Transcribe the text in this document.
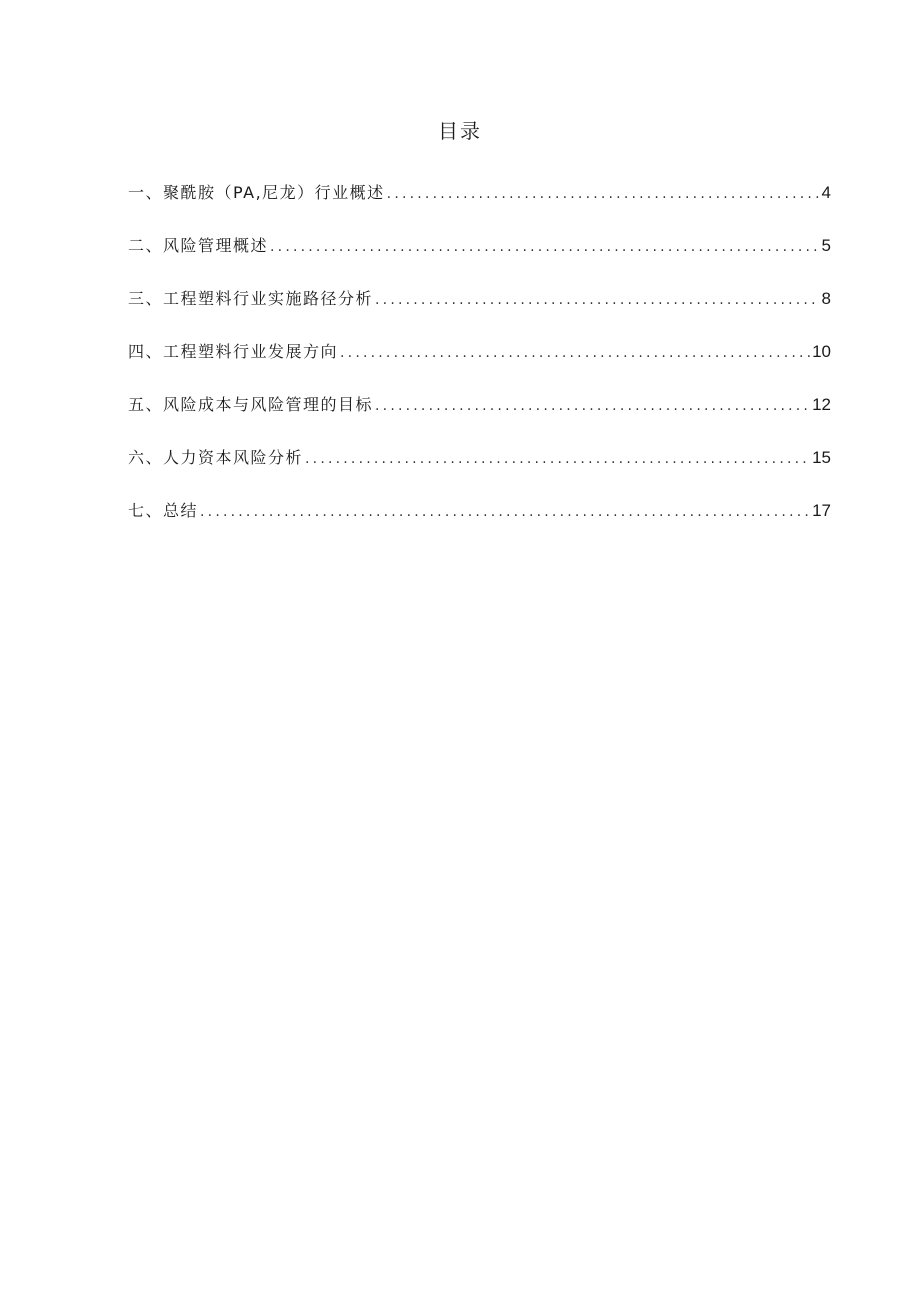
目录
一、聚酰胺（PA,尼龙）行业概述 .....	4
二、风险管理概述 .....	5
三、工程塑料行业实施路径分析 .....	8
四、工程塑料行业发展方向 .....	10
五、风险成本与风险管理的目标 .....	12
六、人力资本风险分析 .....	15
七、总结 .....	17
